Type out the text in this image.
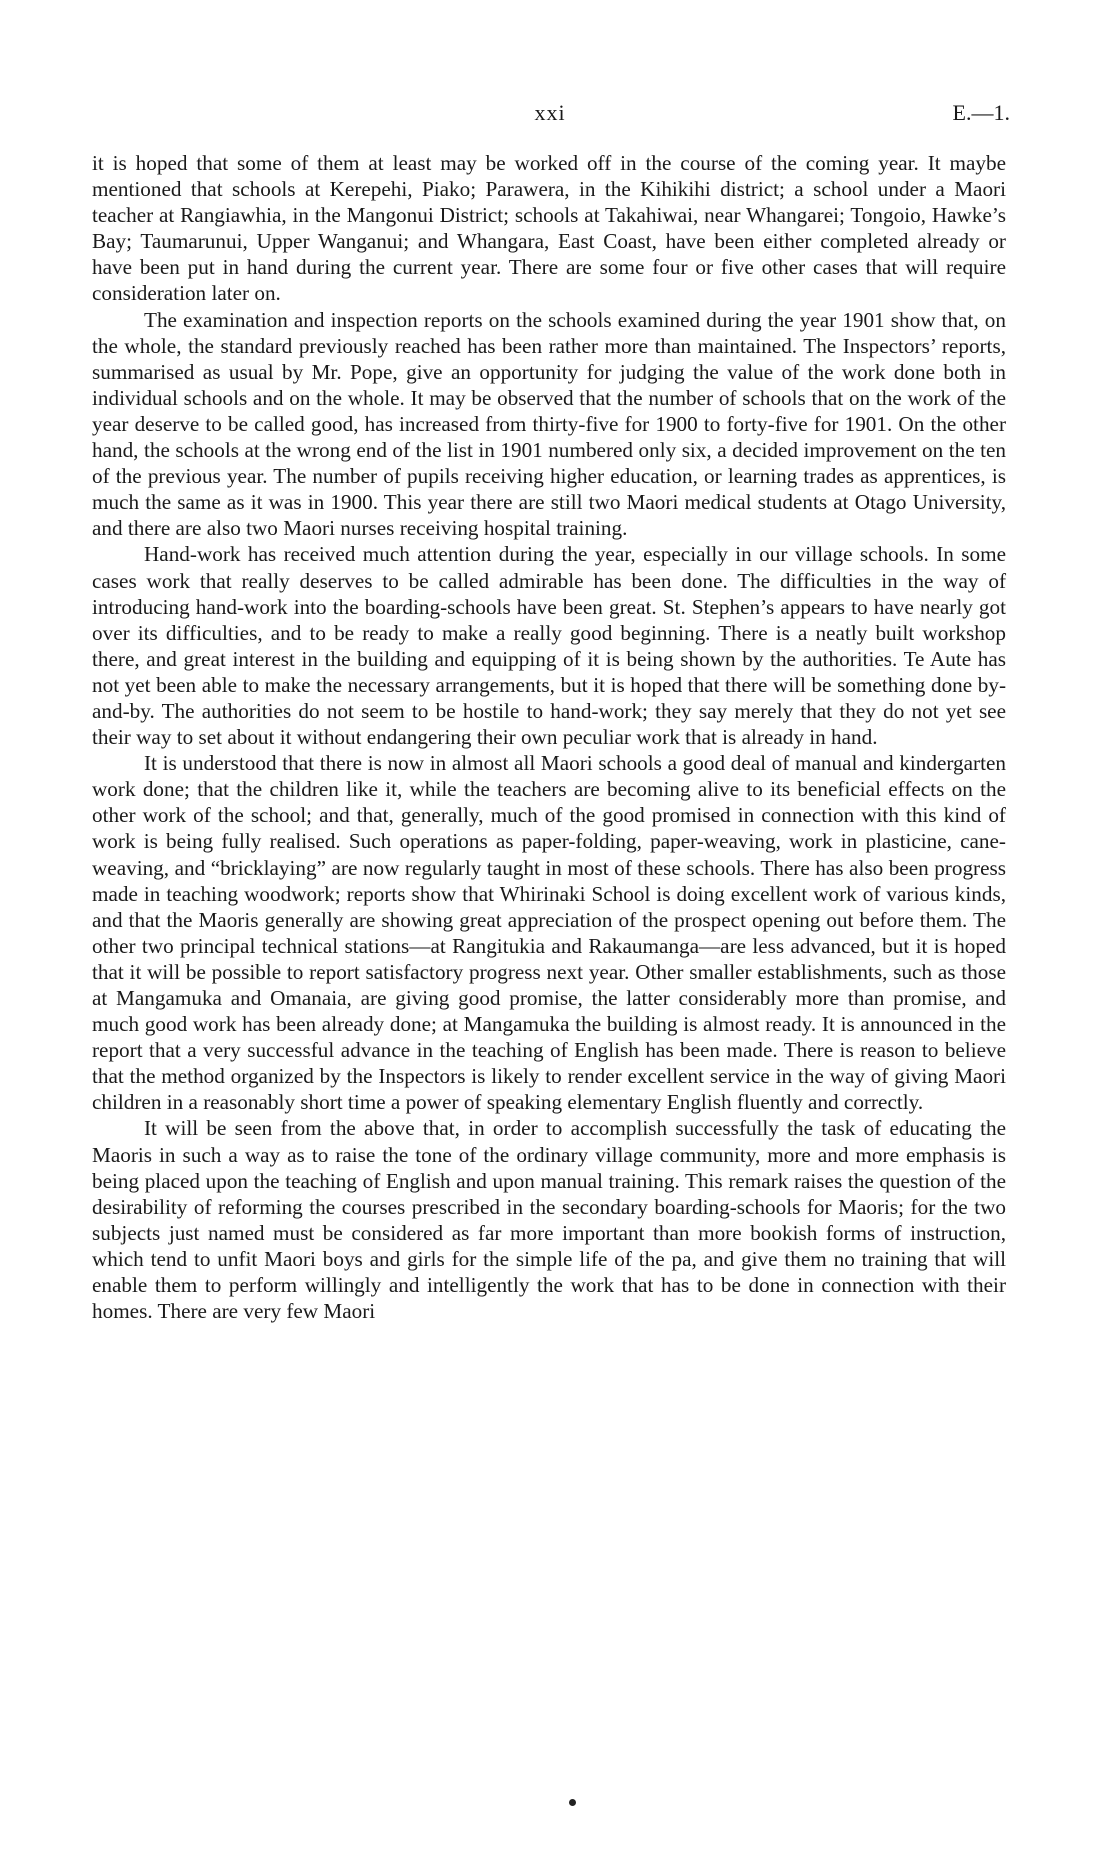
xxi	E.—1.

it is hoped that some of them at least may be worked off in the course of the coming year. It maybe mentioned that schools at Kerepehi, Piako; Parawera, in the Kihikihi district; a school under a Maori teacher at Rangiawhia, in the Mangonui District; schools at Takahiwai, near Whangarei; Tongoio, Hawke’s Bay; Taumarunui, Upper Wanganui; and Whangara, East Coast, have been either completed already or have been put in hand during the current year. There are some four or five other cases that will require consideration later on.

The examination and inspection reports on the schools examined during the year 1901 show that, on the whole, the standard previously reached has been rather more than maintained. The Inspectors’ reports, summarised as usual by Mr. Pope, give an opportunity for judging the value of the work done both in individual schools and on the whole. It may be observed that the number of schools that on the work of the year deserve to be called good, has increased from thirty-five for 1900 to forty-five for 1901. On the other hand, the schools at the wrong end of the list in 1901 numbered only six, a decided improvement on the ten of the previous year. The number of pupils receiving higher education, or learning trades as apprentices, is much the same as it was in 1900. This year there are still two Maori medical students at Otago University, and there are also two Maori nurses receiving hospital training.

Hand-work has received much attention during the year, especially in our village schools. In some cases work that really deserves to be called admirable has been done. The difficulties in the way of introducing hand-work into the boarding-schools have been great. St. Stephen’s appears to have nearly got over its difficulties, and to be ready to make a really good beginning. There is a neatly built workshop there, and great interest in the building and equipping of it is being shown by the authorities. Te Aute has not yet been able to make the necessary arrangements, but it is hoped that there will be something done by-and-by. The authorities do not seem to be hostile to hand-work; they say merely that they do not yet see their way to set about it without endangering their own peculiar work that is already in hand.

It is understood that there is now in almost all Maori schools a good deal of manual and kindergarten work done; that the children like it, while the teachers are becoming alive to its beneficial effects on the other work of the school; and that, generally, much of the good promised in connection with this kind of work is being fully realised. Such operations as paper-folding, paper-weaving, work in plasticine, cane-weaving, and “bricklaying” are now regularly taught in most of these schools. There has also been progress made in teaching woodwork; reports show that Whirinaki School is doing excellent work of various kinds, and that the Maoris generally are showing great appreciation of the prospect opening out before them. The other two principal technical stations—at Rangitukia and Rakaumanga—are less advanced, but it is hoped that it will be possible to report satisfactory progress next year. Other smaller establishments, such as those at Mangamuka and Omanaia, are giving good promise, the latter considerably more than promise, and much good work has been already done; at Mangamuka the building is almost ready. It is announced in the report that a very successful advance in the teaching of English has been made. There is reason to believe that the method organized by the Inspectors is likely to render excellent service in the way of giving Maori children in a reasonably short time a power of speaking elementary English fluently and correctly.

It will be seen from the above that, in order to accomplish successfully the task of educating the Maoris in such a way as to raise the tone of the ordinary village community, more and more emphasis is being placed upon the teaching of English and upon manual training. This remark raises the question of the desirability of reforming the courses prescribed in the secondary boarding-schools for Maoris; for the two subjects just named must be considered as far more important than more bookish forms of instruction, which tend to unfit Maori boys and girls for the simple life of the pa, and give them no training that will enable them to perform willingly and intelligently the work that has to be done in connection with their homes. There are very few Maori
